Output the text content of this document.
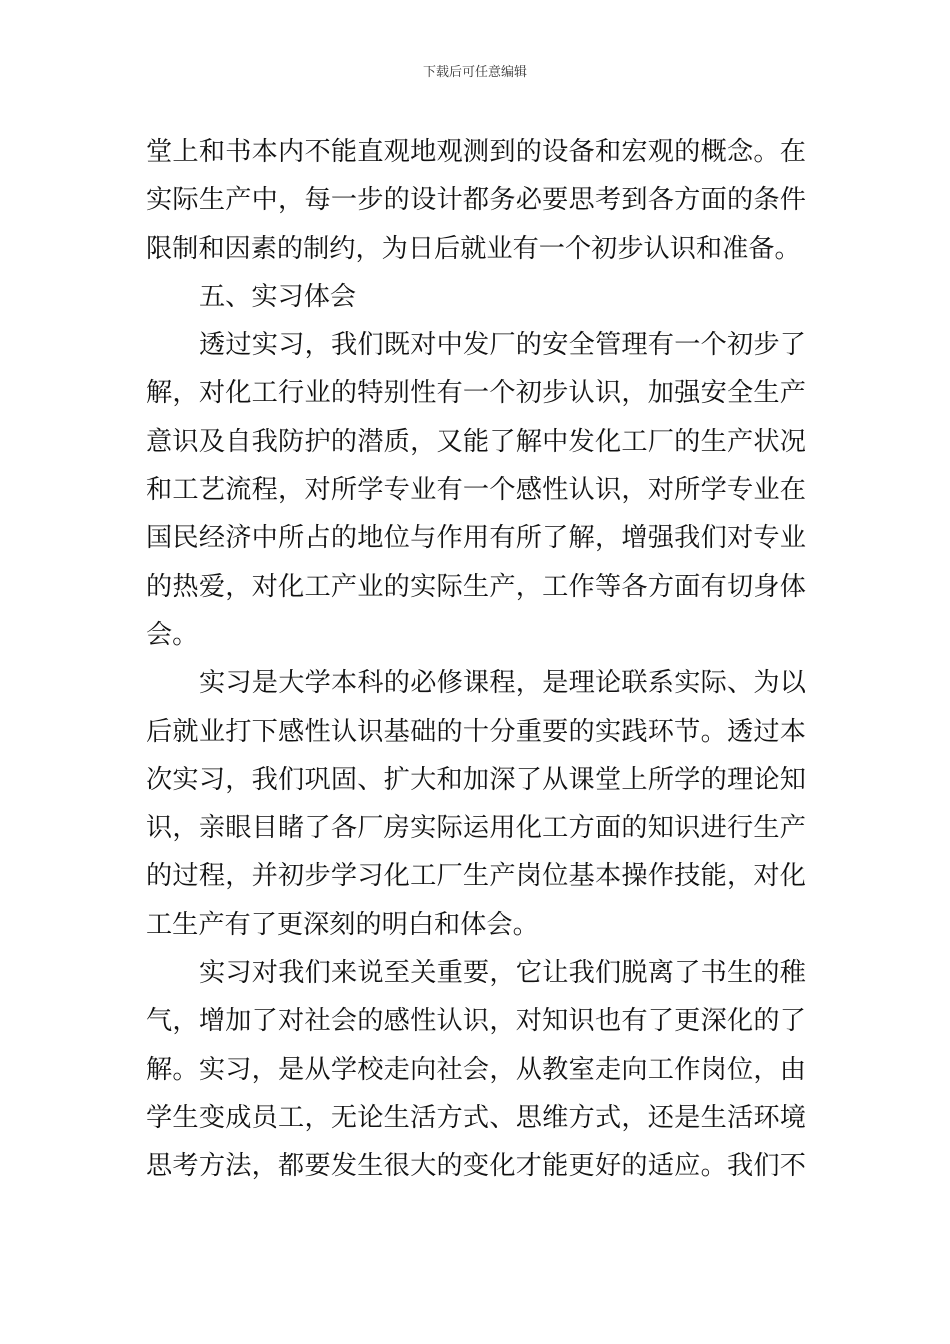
下载后可任意编辑
堂上和书本内不能直观地观测到的设备和宏观的概念。在
实际生产中，每一步的设计都务必要思考到各方面的条件
限制和因素的制约，为日后就业有一个初步认识和准备。
五、实习体会
透过实习，我们既对中发厂的安全管理有一个初步了
解，对化工行业的特别性有一个初步认识，加强安全生产
意识及自我防护的潜质，又能了解中发化工厂的生产状况
和工艺流程，对所学专业有一个感性认识，对所学专业在
国民经济中所占的地位与作用有所了解，增强我们对专业
的热爱，对化工产业的实际生产，工作等各方面有切身体
会。
实习是大学本科的必修课程，是理论联系实际、为以
后就业打下感性认识基础的十分重要的实践环节。透过本
次实习，我们巩固、扩大和加深了从课堂上所学的理论知
识，亲眼目睹了各厂房实际运用化工方面的知识进行生产
的过程，并初步学习化工厂生产岗位基本操作技能，对化
工生产有了更深刻的明白和体会。
实习对我们来说至关重要，它让我们脱离了书生的稚
气，增加了对社会的感性认识，对知识也有了更深化的了
解。实习，是从学校走向社会，从教室走向工作岗位，由
学生变成员工，无论生活方式、思维方式，还是生活环境
思考方法，都要发生很大的变化才能更好的适应。我们不
